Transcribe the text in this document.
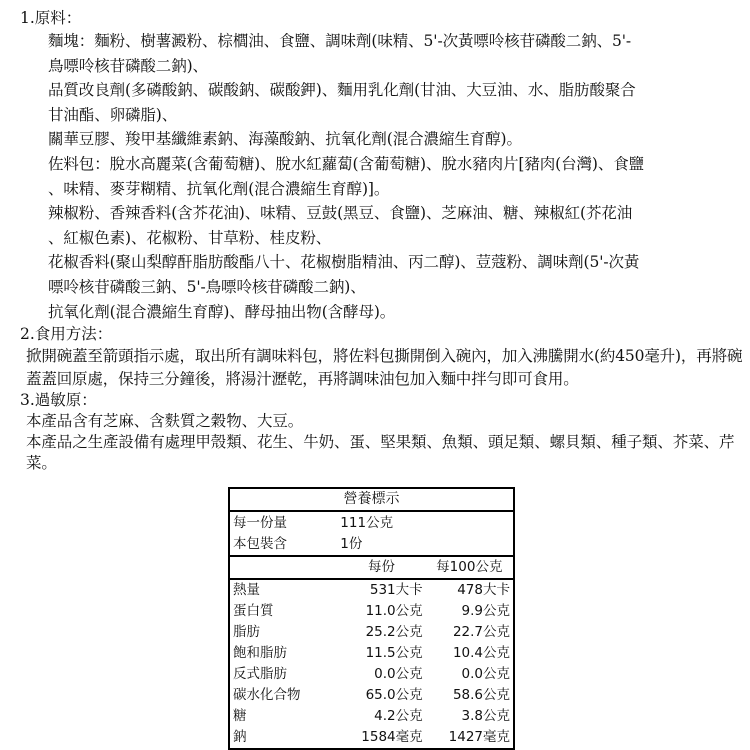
1.原料：
麵塊：麵粉、樹薯澱粉、棕櫚油、食鹽、調味劑(味精、5'-次黃嘌呤核苷磷酸二鈉、5'-
鳥嘌呤核苷磷酸二鈉)、
品質改良劑(多磷酸鈉、碳酸鈉、碳酸鉀)、麵用乳化劑(甘油、大豆油、水、脂肪酸聚合
甘油酯、卵磷脂)、
關華豆膠、羧甲基纖維素鈉、海藻酸鈉、抗氧化劑(混合濃縮生育醇)。
佐料包：脫水高麗菜(含葡萄糖)、脫水紅蘿蔔(含葡萄糖)、脫水豬肉片[豬肉(台灣)、食鹽
、味精、麥芽糊精、抗氧化劑(混合濃縮生育醇)]。
辣椒粉、香辣香料(含芥花油)、味精、豆鼓(黑豆、食鹽)、芝麻油、糖、辣椒紅(芥花油
、紅椒色素)、花椒粉、甘草粉、桂皮粉、
花椒香料(聚山梨醇酐脂肪酸酯八十、花椒樹脂精油、丙二醇)、荳蔻粉、調味劑(5'-次黃
嘌呤核苷磷酸三鈉、5'-鳥嘌呤核苷磷酸二鈉)、
抗氧化劑(混合濃縮生育醇)、酵母抽出物(含酵母)。
2.食用方法：
掀開碗蓋至箭頭指示處，取出所有調味料包，將佐料包撕開倒入碗內，加入沸騰開水(約450毫升)，再將碗蓋蓋回原處，保持三分鐘後，將湯汁瀝乾，再將調味油包加入麵中拌勻即可食用。
3.過敏原：
本產品含有芝麻、含麩質之穀物、大豆。
本產品之生產設備有處理甲殼類、花生、牛奶、蛋、堅果類、魚類、頭足類、螺貝類、種子類、芥菜、芹菜。
營養標示		
每一份量	111公克	
本包裝含	1份	
	每份	每100公克
熱量	531大卡	478大卡
蛋白質	11.0公克	9.9公克
脂肪	25.2公克	22.7公克
飽和脂肪	11.5公克	10.4公克
反式脂肪	0.0公克	0.0公克
碳水化合物	65.0公克	58.6公克
糖	4.2公克	3.8公克
鈉	1584毫克	1427毫克
